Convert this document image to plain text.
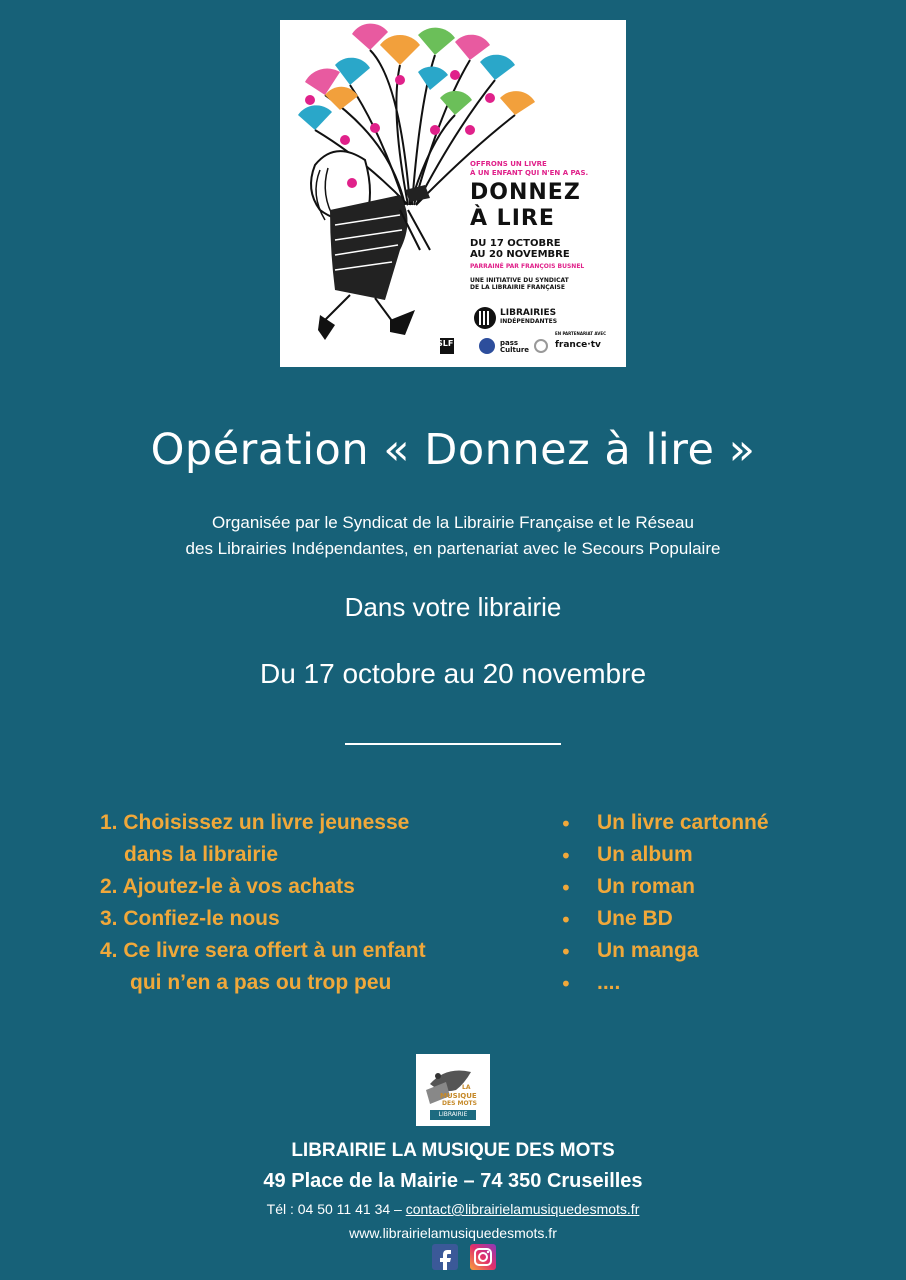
OFFRONS UN LIVRE
À UN ENFANT QUI N'EN A PAS.
DONNEZ
À LIRE
DU 17 OCTOBRE
AU 20 NOVEMBRE
PARRAINÉ PAR FRANÇOIS BUSNEL
UNE INITIATIVE DU SYNDICAT
DE LA LIBRAIRIE FRANÇAISE
LIBRAIRIES
INDÉPENDANTES
SLF	pass Culture
EN PARTENARIAT AVEC
france·tv
Opération « Donnez à lire »
Organisée par le Syndicat de la Librairie Française et le Réseau
des Librairies Indépendantes, en partenariat avec le Secours Populaire
Dans votre librairie
Du 17 octobre au 20 novembre
1. Choisissez un livre jeunesse
dans la librairie
2. Ajoutez-le à vos achats
3. Confiez-le nous
4. Ce livre sera offert à un enfant
qui n’en a pas ou trop peu
• Un livre cartonné
• Un album
• Un roman
• Une BD
• Un manga
• ....
LA
MUSIQUE
DES MOTS
LIBRAIRIE
LIBRAIRIE LA MUSIQUE DES MOTS
49 Place de la Mairie – 74 350 Cruseilles
Tél : 04 50 11 41 34 – contact@librairielamusiquedesmots.fr
www.librairielamusiquedesmots.fr
